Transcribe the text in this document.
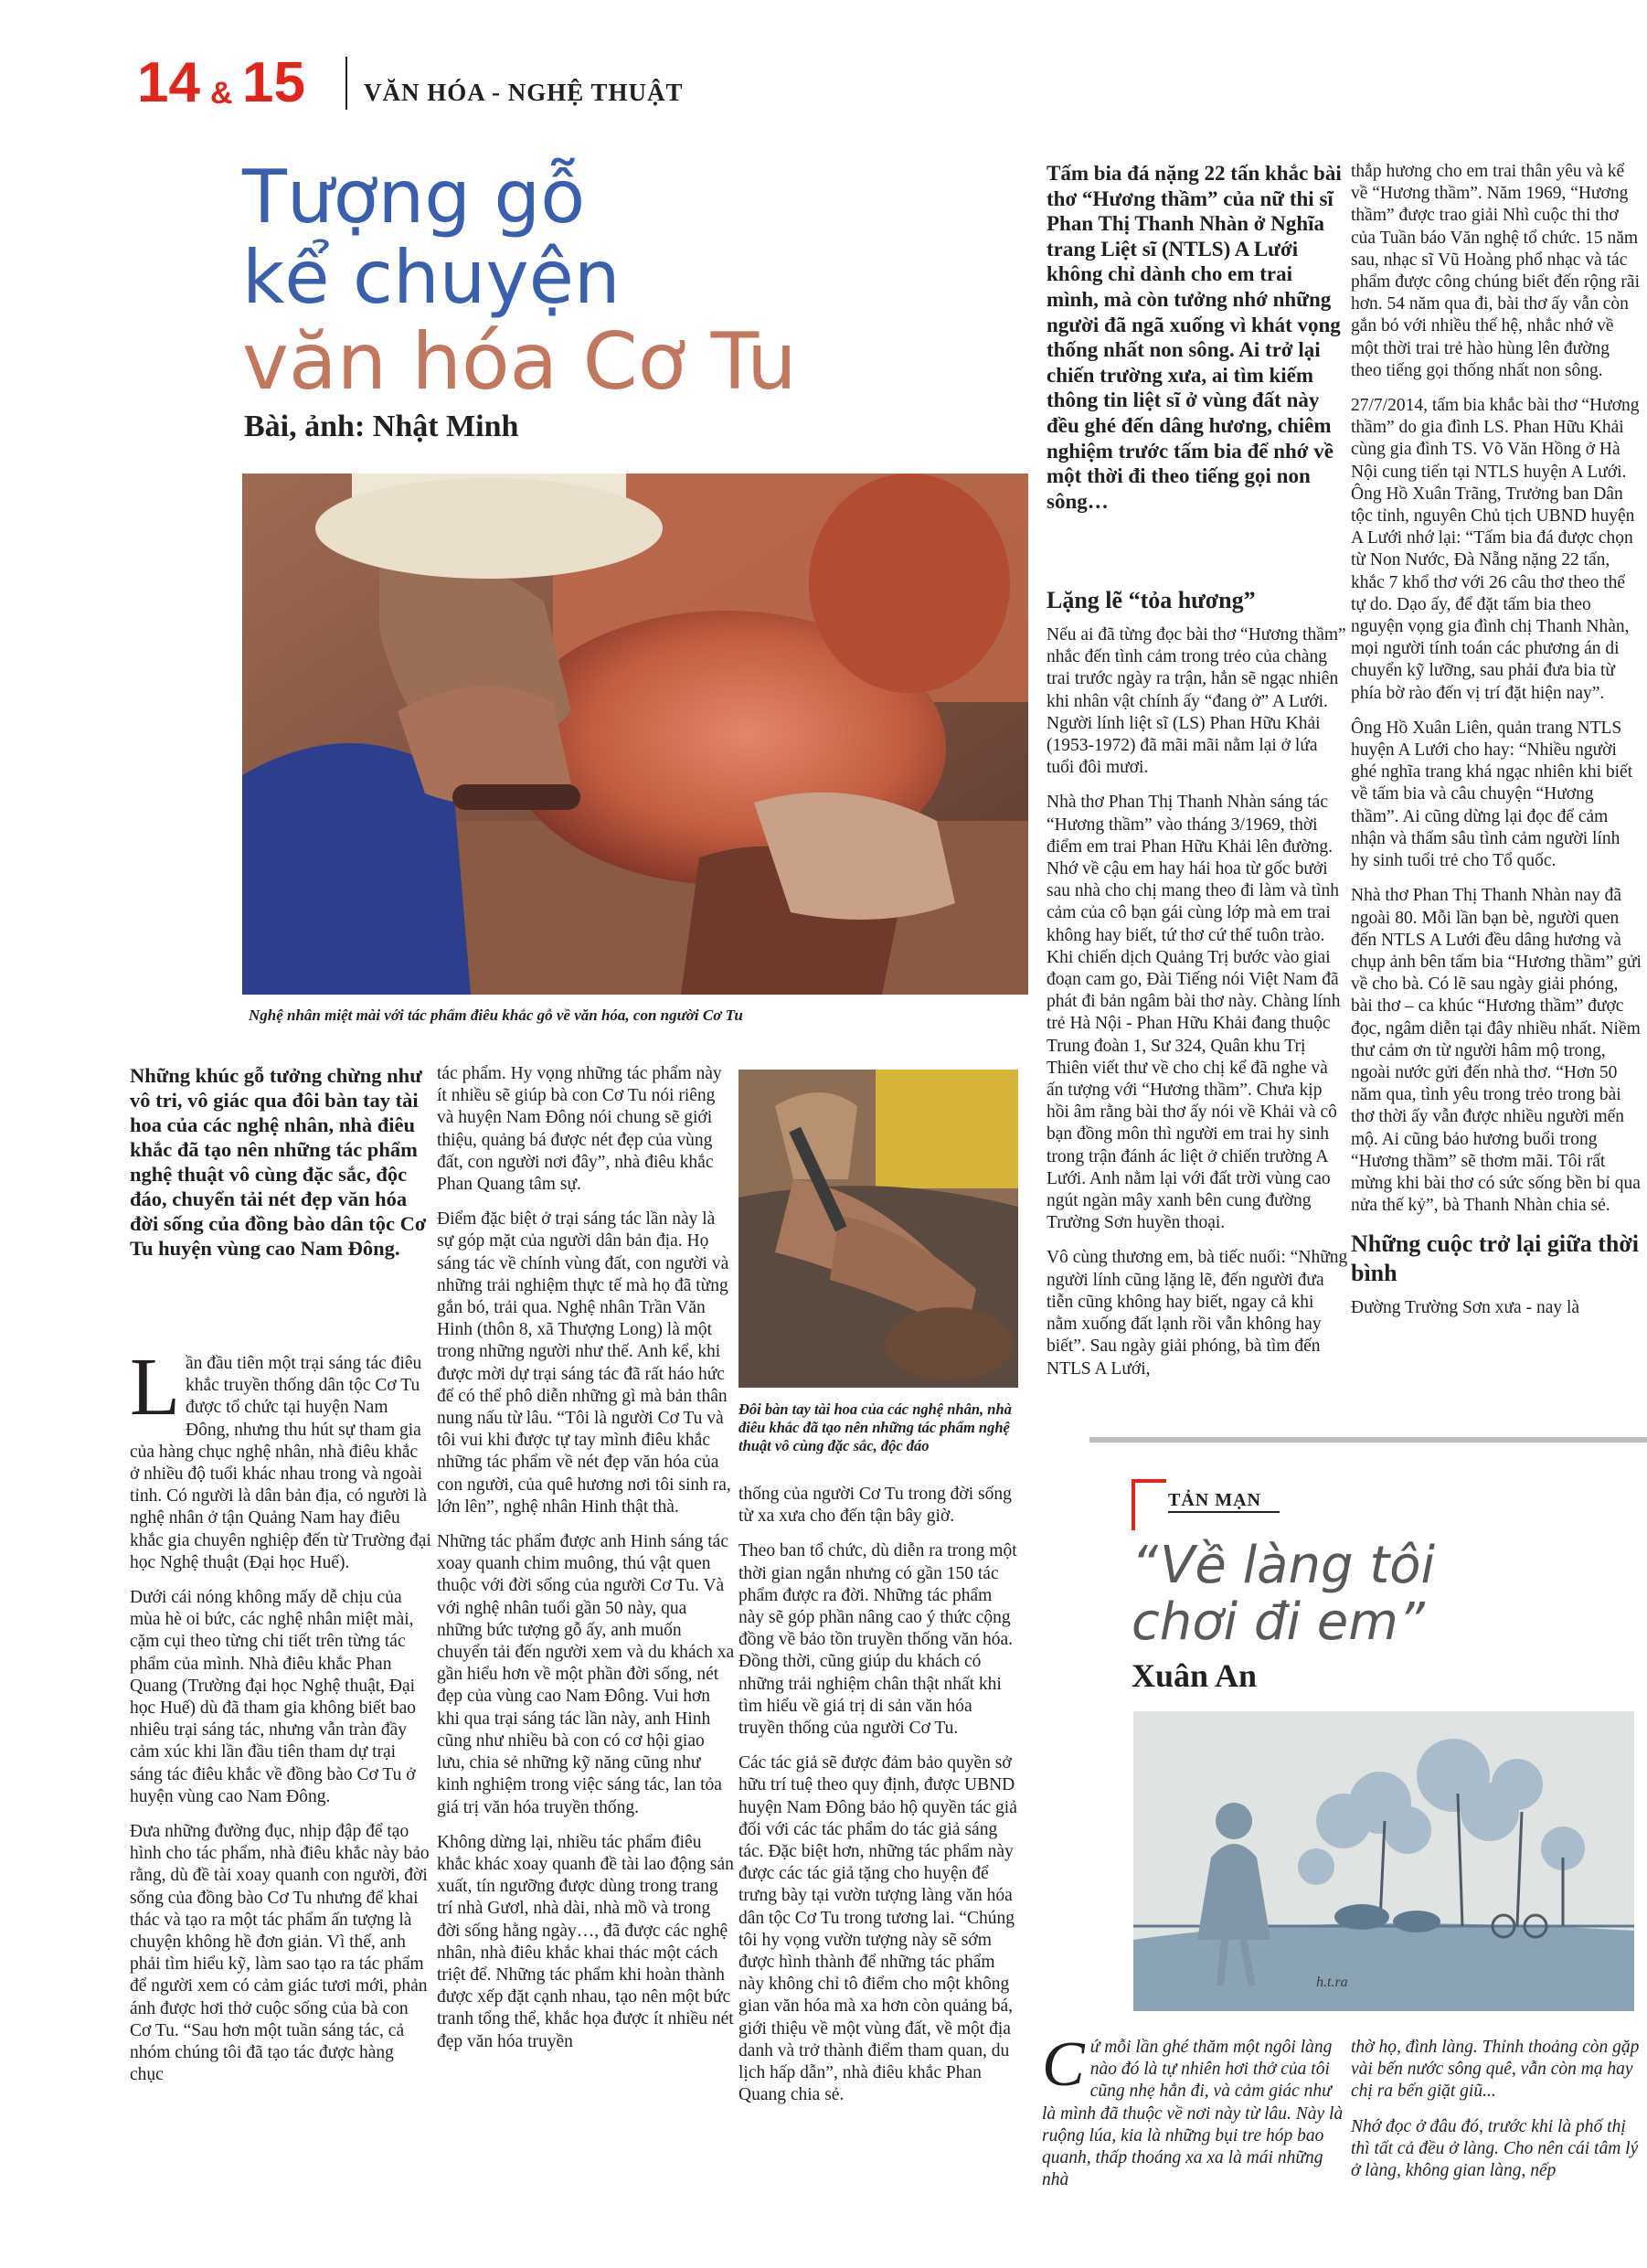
14 & 15 VĂN HÓA - NGHỆ THUẬT
Tượng gỗ
kể chuyện
văn hóa Cơ Tu
Bài, ảnh: Nhật Minh
Nghệ nhân miệt mài với tác phẩm điêu khắc gỗ về văn hóa, con người Cơ Tu
Những khúc gỗ tưởng chừng như vô tri, vô giác qua đôi bàn tay tài hoa của các nghệ nhân, nhà điêu khắc đã tạo nên những tác phẩm nghệ thuật vô cùng đặc sắc, độc đáo, chuyển tải nét đẹp văn hóa đời sống của đồng bào dân tộc Cơ Tu huyện vùng cao Nam Đông.

Lần đầu tiên một trại sáng tác điêu khắc truyền thống dân tộc Cơ Tu được tổ chức tại huyện Nam Đông, nhưng thu hút sự tham gia của hàng chục nghệ nhân, nhà điêu khắc ở nhiều độ tuổi khác nhau trong và ngoài tỉnh. Có người là dân bản địa, có người là nghệ nhân ở tận Quảng Nam hay điêu khắc gia chuyên nghiệp đến từ Trường đại học Nghệ thuật (Đại học Huế).

Dưới cái nóng không mấy dễ chịu của mùa hè oi bức, các nghệ nhân miệt mài, cặm cụi theo từng chi tiết trên từng tác phẩm của mình. Nhà điêu khắc Phan Quang (Trường đại học Nghệ thuật, Đại học Huế) dù đã tham gia không biết bao nhiêu trại sáng tác, nhưng vẫn tràn đầy cảm xúc khi lần đầu tiên tham dự trại sáng tác điêu khắc về đồng bào Cơ Tu ở huyện vùng cao Nam Đông.

Đưa những đường đục, nhịp đập để tạo hình cho tác phẩm, nhà điêu khắc này bảo rằng, dù đề tài xoay quanh con người, đời sống của đồng bào Cơ Tu nhưng để khai thác và tạo ra một tác phẩm ấn tượng là chuyện không hề đơn giản. Vì thế, anh phải tìm hiểu kỹ, làm sao tạo ra tác phẩm để người xem có cảm giác tươi mới, phản ánh được hơi thở cuộc sống của bà con Cơ Tu. “Sau hơn một tuần sáng tác, cả nhóm chúng tôi đã tạo tác được hàng chục

tác phẩm. Hy vọng những tác phẩm này ít nhiều sẽ giúp bà con Cơ Tu nói riêng và huyện Nam Đông nói chung sẽ giới thiệu, quảng bá được nét đẹp của vùng đất, con người nơi đây”, nhà điêu khắc Phan Quang tâm sự.

Điểm đặc biệt ở trại sáng tác lần này là sự góp mặt của người dân bản địa. Họ sáng tác về chính vùng đất, con người và những trải nghiệm thực tế mà họ đã từng gắn bó, trải qua. Nghệ nhân Trần Văn Hinh (thôn 8, xã Thượng Long) là một trong những người như thế. Anh kể, khi được mời dự trại sáng tác đã rất háo hức để có thể phô diễn những gì mà bản thân nung nấu từ lâu. “Tôi là người Cơ Tu và tôi vui khi được tự tay mình điêu khắc những tác phẩm về nét đẹp văn hóa của con người, của quê hương nơi tôi sinh ra, lớn lên”, nghệ nhân Hinh thật thà.

Những tác phẩm được anh Hinh sáng tác xoay quanh chim muông, thú vật quen thuộc với đời sống của người Cơ Tu. Và với nghệ nhân tuổi gần 50 này, qua những bức tượng gỗ ấy, anh muốn chuyển tải đến người xem và du khách xa gần hiểu hơn về một phần đời sống, nét đẹp của vùng cao Nam Đông. Vui hơn khi qua trại sáng tác lần này, anh Hinh cũng như nhiều bà con có cơ hội giao lưu, chia sẻ những kỹ năng cũng như kinh nghiệm trong việc sáng tác, lan tỏa giá trị văn hóa truyền thống.

Không dừng lại, nhiều tác phẩm điêu khắc khác xoay quanh đề tài lao động sản xuất, tín ngưỡng được dùng trong trang trí nhà Gươl, nhà dài, nhà mồ và trong đời sống hằng ngày…, đã được các nghệ nhân, nhà điêu khắc khai thác một cách triệt để. Những tác phẩm khi hoàn thành được xếp đặt cạnh nhau, tạo nên một bức tranh tổng thể, khắc họa được ít nhiều nét đẹp văn hóa truyền

Đôi bàn tay tài hoa của các nghệ nhân, nhà điêu khắc đã tạo nên những tác phẩm nghệ thuật vô cùng đặc sắc, độc đáo

thống của người Cơ Tu trong đời sống từ xa xưa cho đến tận bây giờ.

Theo ban tổ chức, dù diễn ra trong một thời gian ngắn nhưng có gần 150 tác phẩm được ra đời. Những tác phẩm này sẽ góp phần nâng cao ý thức cộng đồng về bảo tồn truyền thống văn hóa. Đồng thời, cũng giúp du khách có những trải nghiệm chân thật nhất khi tìm hiểu về giá trị di sản văn hóa truyền thống của người Cơ Tu.

Các tác giả sẽ được đảm bảo quyền sở hữu trí tuệ theo quy định, được UBND huyện Nam Đông bảo hộ quyền tác giả đối với các tác phẩm do tác giả sáng tác. Đặc biệt hơn, những tác phẩm này được các tác giả tặng cho huyện để trưng bày tại vườn tượng làng văn hóa dân tộc Cơ Tu trong tương lai. “Chúng tôi hy vọng vườn tượng này sẽ sớm được hình thành để những tác phẩm này không chỉ tô điểm cho một không gian văn hóa mà xa hơn còn quảng bá, giới thiệu về một vùng đất, về một địa danh và trở thành điểm tham quan, du lịch hấp dẫn”, nhà điêu khắc Phan Quang chia sẻ.

Tấm bia đá nặng 22 tấn khắc bài thơ “Hương thầm” của nữ thi sĩ Phan Thị Thanh Nhàn ở Nghĩa trang Liệt sĩ (NTLS) A Lưới không chỉ dành cho em trai mình, mà còn tưởng nhớ những người đã ngã xuống vì khát vọng thống nhất non sông. Ai trở lại chiến trường xưa, ai tìm kiếm thông tin liệt sĩ ở vùng đất này đều ghé đến dâng hương, chiêm nghiệm trước tấm bia để nhớ về một thời đi theo tiếng gọi non sông…
Lặng lẽ “tỏa hương”

Nếu ai đã từng đọc bài thơ “Hương thầm” nhắc đến tình cảm trong trẻo của chàng trai trước ngày ra trận, hẳn sẽ ngạc nhiên khi nhân vật chính ấy “đang ở” A Lưới. Người lính liệt sĩ (LS) Phan Hữu Khải (1953-1972) đã mãi mãi nằm lại ở lứa tuổi đôi mươi.

Nhà thơ Phan Thị Thanh Nhàn sáng tác “Hương thầm” vào tháng 3/1969, thời điểm em trai Phan Hữu Khải lên đường. Nhớ về cậu em hay hái hoa từ gốc bưởi sau nhà cho chị mang theo đi làm và tình cảm của cô bạn gái cùng lớp mà em trai không hay biết, tứ thơ cứ thế tuôn trào. Khi chiến dịch Quảng Trị bước vào giai đoạn cam go, Đài Tiếng nói Việt Nam đã phát đi bản ngâm bài thơ này. Chàng lính trẻ Hà Nội - Phan Hữu Khải đang thuộc Trung đoàn 1, Sư 324, Quân khu Trị Thiên viết thư về cho chị kể đã nghe và ấn tượng với “Hương thầm”. Chưa kịp hồi âm rằng bài thơ ấy nói về Khải và cô bạn đồng môn thì người em trai hy sinh trong trận đánh ác liệt ở chiến trường A Lưới. Anh nằm lại với đất trời vùng cao ngút ngàn mây xanh bên cung đường Trường Sơn huyền thoại.

Vô cùng thương em, bà tiếc nuối: “Những người lính cũng lặng lẽ, đến người đưa tiễn cũng không hay biết, ngay cả khi nằm xuống đất lạnh rồi vẫn không hay biết”. Sau ngày giải phóng, bà tìm đến NTLS A Lưới,

thắp hương cho em trai thân yêu và kể về “Hương thầm”. Năm 1969, “Hương thầm” được trao giải Nhì cuộc thi thơ của Tuần báo Văn nghệ tổ chức. 15 năm sau, nhạc sĩ Vũ Hoàng phổ nhạc và tác phẩm được công chúng biết đến rộng rãi hơn. 54 năm qua đi, bài thơ ấy vẫn còn gắn bó với nhiều thế hệ, nhắc nhớ về một thời trai trẻ hào hùng lên đường theo tiếng gọi thống nhất non sông.

27/7/2014, tấm bia khắc bài thơ “Hương thầm” do gia đình LS. Phan Hữu Khải cùng gia đình TS. Võ Văn Hồng ở Hà Nội cung tiến tại NTLS huyện A Lưới. Ông Hồ Xuân Trãng, Trưởng ban Dân tộc tỉnh, nguyên Chủ tịch UBND huyện A Lưới nhớ lại: “Tấm bia đá được chọn từ Non Nước, Đà Nẵng nặng 22 tấn, khắc 7 khổ thơ với 26 câu thơ theo thể tự do. Dạo ấy, để đặt tấm bia theo nguyện vọng gia đình chị Thanh Nhàn, mọi người tính toán các phương án di chuyển kỹ lưỡng, sau phải đưa bia từ phía bờ rào đến vị trí đặt hiện nay”.

Ông Hồ Xuân Liên, quản trang NTLS huyện A Lưới cho hay: “Nhiều người ghé nghĩa trang khá ngạc nhiên khi biết về tấm bia và câu chuyện “Hương thầm”. Ai cũng dừng lại đọc để cảm nhận và thấm sâu tình cảm người lính hy sinh tuổi trẻ cho Tổ quốc.

Nhà thơ Phan Thị Thanh Nhàn nay đã ngoài 80. Mỗi lần bạn bè, người quen đến NTLS A Lưới đều dâng hương và chụp ảnh bên tấm bia “Hương thầm” gửi về cho bà. Có lẽ sau ngày giải phóng, bài thơ – ca khúc “Hương thầm” được đọc, ngâm diễn tại đây nhiều nhất. Niềm thư cảm ơn từ người hâm mộ trong, ngoài nước gửi đến nhà thơ. “Hơn 50 năm qua, tình yêu trong trẻo trong bài thơ thời ấy vẫn được nhiều người mến mộ. Ai cũng bảo hương buổi trong “Hương thầm” sẽ thơm mãi. Tôi rất mừng khi bài thơ có sức sống bền bỉ qua nửa thế kỷ”, bà Thanh Nhàn chia sẻ.

Những cuộc trở lại giữa thời bình

Đường Trường Sơn xưa - nay là

TẢN MẠN
“Về làng tôi
chơi đi em”
Xuân An
h.t.ra

Cứ mỗi lần ghé thăm một ngôi làng nào đó là tự nhiên hơi thở của tôi cũng nhẹ hẳn đi, và cảm giác như là mình đã thuộc về nơi này từ lâu. Này là ruộng lúa, kia là những bụi tre hóp bao quanh, thấp thoáng xa xa là mái những nhà

thờ họ, đình làng. Thỉnh thoảng còn gặp vài bến nước sông quê, vẫn còn mạ hay chị ra bến giặt giũ...

Nhớ đọc ở đâu đó, trước khi là phố thị thì tất cả đều ở làng. Cho nên cái tâm lý ở làng, không gian làng, nếp
